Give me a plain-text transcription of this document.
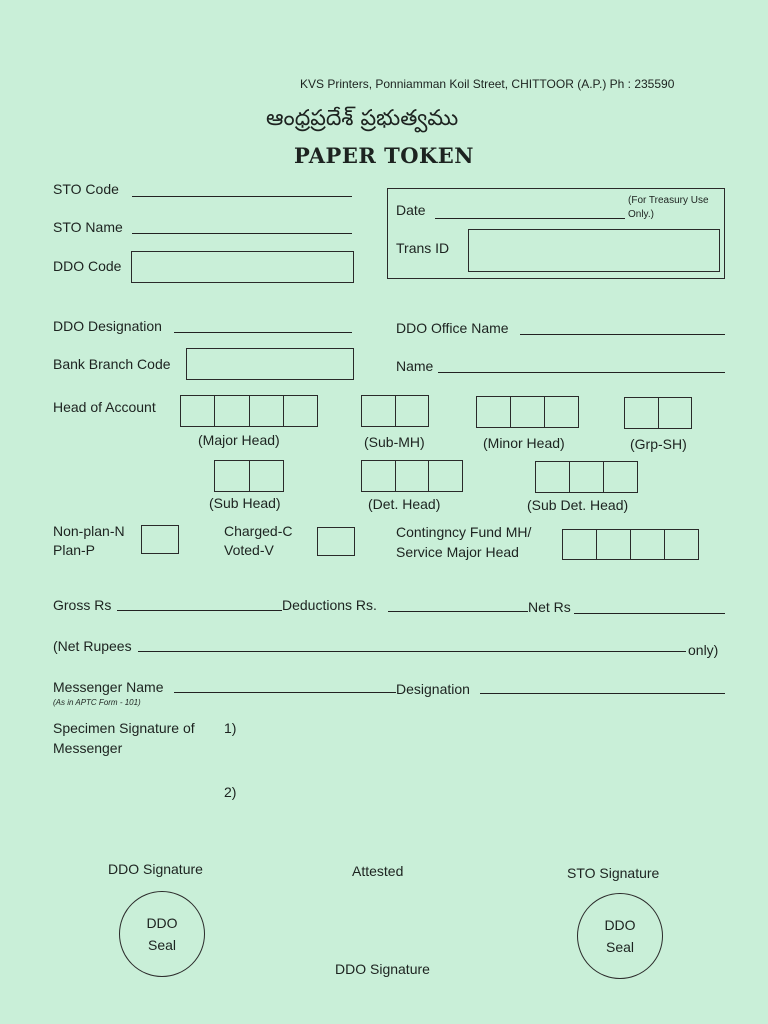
KVS Printers, Ponniamman Koil Street, CHITTOOR (A.P.) Ph : 235590
ఆంధ్రప్రదేశ్ ప్రభుత్వము
PAPER TOKEN
STO Code
STO Name
DDO Code
Date
(For Treasury Use Only.)
Trans ID
DDO Designation	DDO Office Name
Bank Branch Code	Name
Head of Account
(Major Head)	(Sub-MH)	(Minor Head)	(Grp-SH)
(Sub Head)	(Det. Head)	(Sub Det. Head)
Non-plan-N
Plan-P
Charged-C
Voted-V
Contingncy Fund MH/
Service Major Head
Gross Rs	Deductions Rs.	Net Rs
(Net Rupees	only)
Messenger Name
(As in APTC Form - 101)
Designation
Specimen Signature of
Messenger
1)
2)
DDO Signature	Attested	STO Signature
DDO
Seal
DDO
Seal
DDO Signature
